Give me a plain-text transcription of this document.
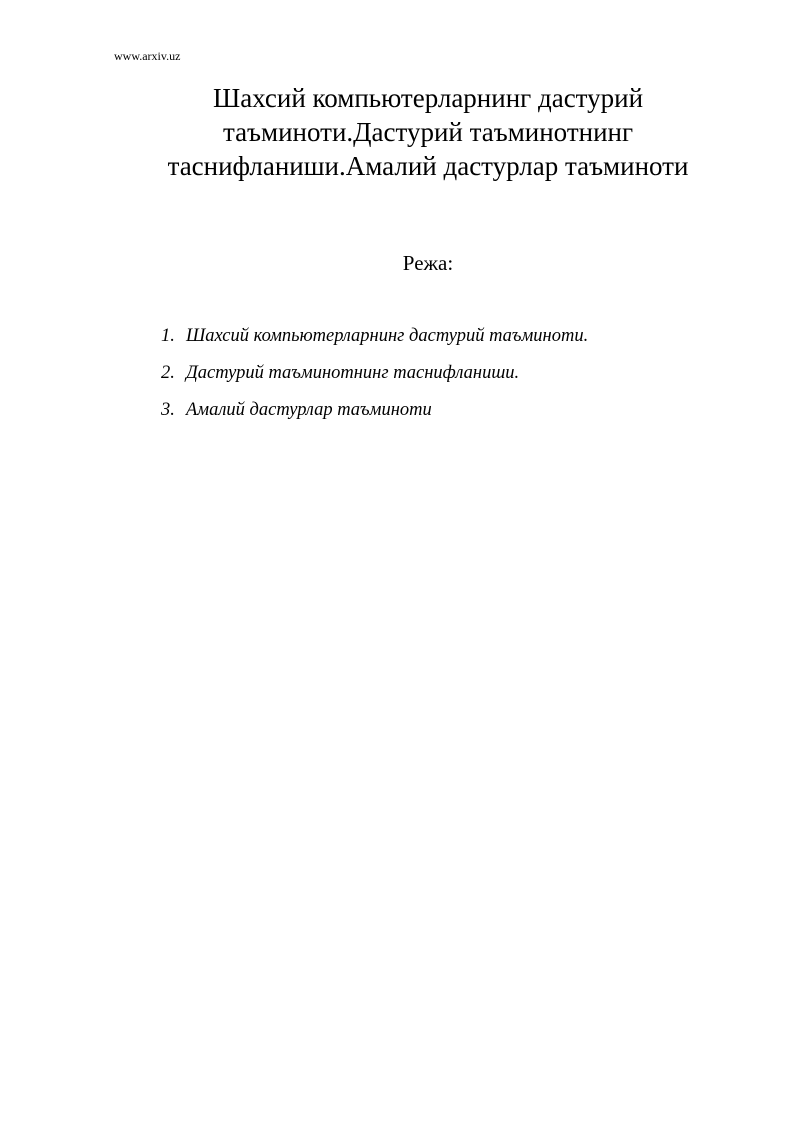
www.arxiv.uz
Шахсий компьютерларнинг дастурий
таъминоти.Дастурий таъминотнинг
таснифланиши.Амалий дастурлар таъминоти
Режа:
1. Шахсий компьютерларнинг дастурий таъминоти.
2. Дастурий таъминотнинг таснифланиши.
3. Амалий дастурлар таъминоти
